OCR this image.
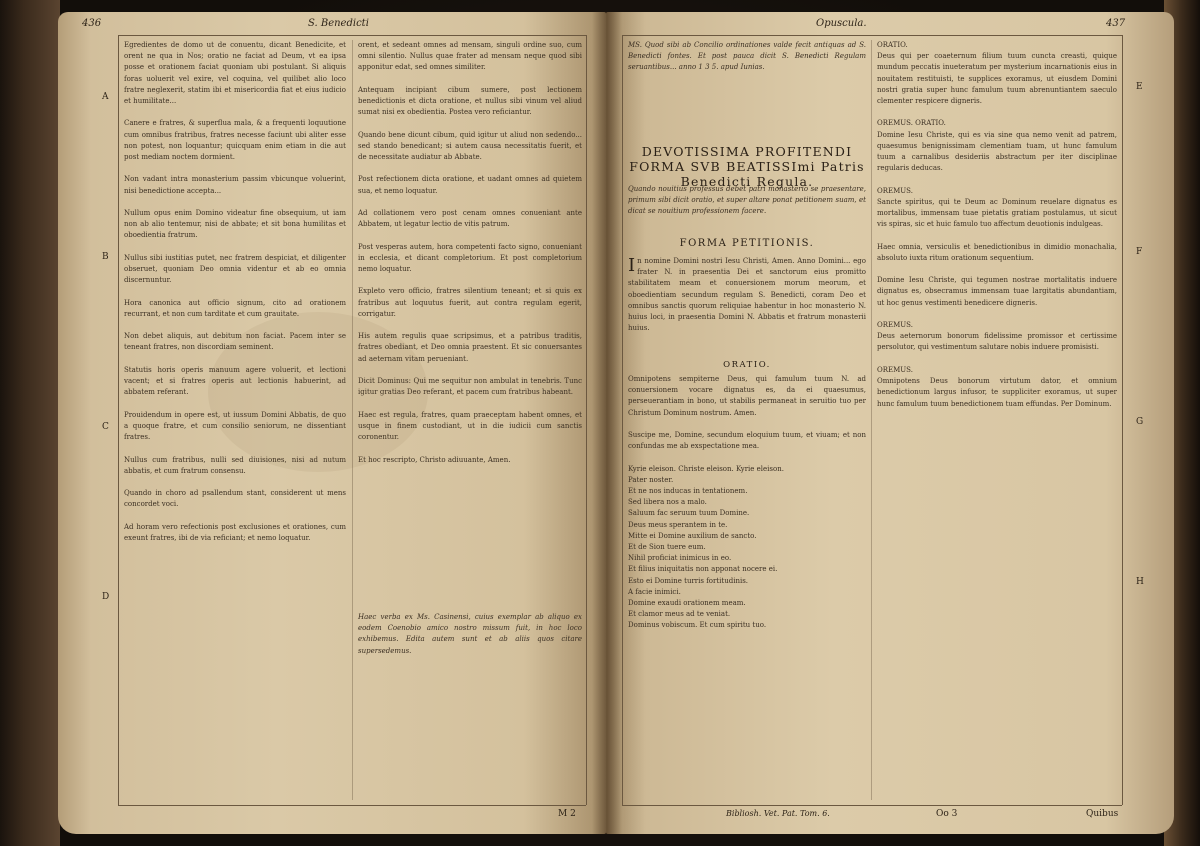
436	S. Benedicti
A
B
C
D
Egredientes de domo ut de conuentu, dicant Benedicite, et orent ne qua in Nos; oratio ne faciat ad Deum, vt ea ipsa posse et orationem faciat quoniam ubi postulant. Si aliquis foras uoluerit vel exire, vel coquina, vel quilibet alio loco fratre neglexerit, statim ibi et misericordia fiat et eius iudicio et humilitate...

Canere e fratres, & superflua mala, & a frequenti loquutione cum omnibus fratribus, fratres necesse faciunt ubi aliter esse non potest, non loquantur; quicquam enim etiam in die aut post mediam noctem dormient.

Non vadant intra monasterium passim vbicunque voluerint, nisi benedictione accepta...

Nullum opus enim Domino videatur fine obsequium, ut iam non ab alio tentemur, nisi de abbate; et sit bona humilitas et oboedientia fratrum.

Nullus sibi iustitias putet, nec fratrem despiciat, et diligenter obseruet, quoniam Deo omnia videntur et ab eo omnia discernuntur.

Hora canonica aut officio signum, cito ad orationem recurrant, et non cum tarditate et cum grauitate.

Non debet aliquis, aut debitum non faciat. Pacem inter se teneant fratres, non discordiam seminent.

Statutis horis operis manuum agere voluerit, et lectioni vacent; et si fratres operis aut lectionis habuerint, ad abbatem referant.

Prouidendum in opere est, ut iussum Domini Abbatis, de quo a quoque fratre, et cum consilio seniorum, ne dissentiant fratres.

Nullus cum fratribus, nulli sed diuisiones, nisi ad nutum abbatis, et cum fratrum consensu.

Quando in choro ad psallendum stant, considerent ut mens concordet voci.

Ad horam vero refectionis post exclusiones et orationes, cum exeunt fratres, ibi de via reficiant; et nemo loquatur.
orent, et sedeant omnes ad mensam, singuli ordine suo, cum omni silentio. Nullus quae frater ad mensam neque quod sibi apponitur edat, sed omnes similiter.

Antequam incipiant cibum sumere, post lectionem benedictionis et dicta oratione, et nullus sibi vinum vel aliud sumat nisi ex obedientia. Postea vero reficiantur.

Quando bene dicunt cibum, quid igitur ut aliud non sedendo... sed stando benedicant; si autem causa necessitatis fuerit, et de necessitate audiatur ab Abbate.

Post refectionem dicta oratione, et uadant omnes ad quietem sua, et nemo loquatur.

Ad collationem vero post cenam omnes conueniant ante Abbatem, ut legatur lectio de vitis patrum.

Post vesperas autem, hora competenti facto signo, conueniant in ecclesia, et dicant completorium. Et post completorium nemo loquatur.

Expleto vero officio, fratres silentium teneant; et si quis ex fratribus aut loquutus fuerit, aut contra regulam egerit, corrigatur.

His autem regulis quae scripsimus, et a patribus traditis, fratres obediant, et Deo omnia praestent. Et sic conuersantes ad aeternam vitam perueniant.

Dicit Dominus: Qui me sequitur non ambulat in tenebris. Tunc igitur gratias Deo referant, et pacem cum fratribus habeant.

Haec est regula, fratres, quam praeceptam habent omnes, et usque in finem custodiant, ut in die iudicii cum sanctis coronentur.

Et hoc rescripto, Christo adiuuante, Amen.
Haec verba ex Ms. Casinensi, cuius exemplar ab aliquo ex eodem Coenobio amico nostro missum fuit, in hoc loco exhibemus. Edita autem sunt et ab aliis quos citare supersedemus.
M 2
Opuscula.	437
E
F
G
H
MS. Quod sibi ab Concilio ordinationes valde fecit antiquas ad S. Benedicti fontes. Et post pauca dicit S. Benedicti Regulam seruantibus... anno 1 3 5. apud Iunias.
DEVOTISSIMA PROFITENDI FORMA SVB BEATISSImi Patris Benedicti Regula.
Quando nouitius professus debet patri monasterio se praesentare, primum sibi dicit oratio, et super altare ponat petitionem suam, et dicat se nouitium professionem facere.
FORMA PETITIONIS.
I n nomine Domini nostri Iesu Christi, Amen. Anno Domini... ego frater N. in praesentia Dei et sanctorum eius promitto stabilitatem meam et conuersionem morum meorum, et oboedientiam secundum regulam S. Benedicti, coram Deo et omnibus sanctis quorum reliquiae habentur in hoc monasterio N. huius loci, in praesentia Domini N. Abbatis et fratrum monasterii huius.
ORATIO.
Omnipotens sempiterne Deus, qui famulum tuum N. ad conuersionem vocare dignatus es, da ei quaesumus, perseuerantiam in bono, ut stabilis permaneat in seruitio tuo per Christum Dominum nostrum. Amen.

Suscipe me, Domine, secundum eloquium tuum, et viuam; et non confundas me ab exspectatione mea.

Kyrie eleison. Christe eleison. Kyrie eleison.
Pater noster.
Et ne nos inducas in tentationem.
Sed libera nos a malo.
Saluum fac seruum tuum Domine.
Deus meus sperantem in te.
Mitte ei Domine auxilium de sancto.
Et de Sion tuere eum.
Nihil proficiat inimicus in eo.
Et filius iniquitatis non apponat nocere ei.
Esto ei Domine turris fortitudinis.
A facie inimici.
Domine exaudi orationem meam.
Et clamor meus ad te veniat.
Dominus vobiscum. Et cum spiritu tuo.
ORATIO.
Deus qui per coaeternum filium tuum cuncta creasti, quique mundum peccatis inueteratum per mysterium incarnationis eius in nouitatem restituisti, te supplices exoramus, ut eiusdem Domini nostri gratia super hunc famulum tuum abrenuntiantem saeculo clementer respicere digneris.

OREMUS. ORATIO.
Domine Iesu Christe, qui es via sine qua nemo venit ad patrem, quaesumus benignissimam clementiam tuam, ut hunc famulum tuum a carnalibus desideriis abstractum per iter disciplinae regularis deducas.

OREMUS.
Sancte spiritus, qui te Deum ac Dominum reuelare dignatus es mortalibus, immensam tuae pietatis gratiam postulamus, ut sicut vis spiras, sic et huic famulo tuo affectum deuotionis indulgeas.

Haec omnia, versiculis et benedictionibus in dimidio monachalia, absoluto iuxta ritum orationum sequentium.

Domine Iesu Christe, qui tegumen nostrae mortalitatis induere dignatus es, obsecramus immensam tuae largitatis abundantiam, ut hoc genus vestimenti benedicere digneris.

OREMUS.
Deus aeternorum bonorum fidelissime promissor et certissime persolutor, qui vestimentum salutare nobis induere promisisti.

OREMUS.
Omnipotens Deus bonorum virtutum dator, et omnium benedictionum largus infusor, te suppliciter exoramus, ut super hunc famulum tuum benedictionem tuam effundas. Per Dominum.
Bibliosh. Vet. Pat. Tom. 6.	Oo 3	Quibus
